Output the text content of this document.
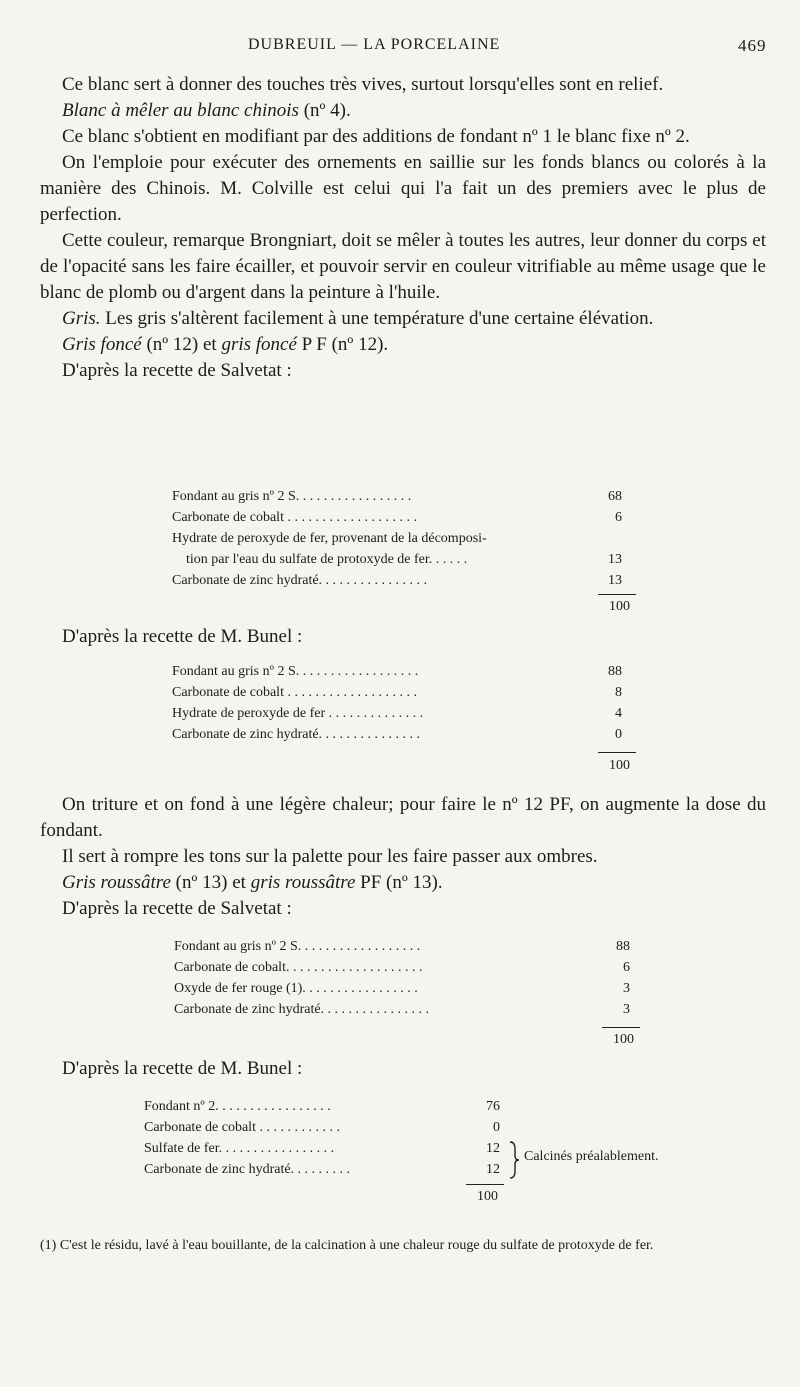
DUBREUIL — LA PORCELAINE	469

Ce blanc sert à donner des touches très vives, surtout lorsqu'elles sont en relief.

Blanc à mêler au blanc chinois (nº 4).

Ce blanc s'obtient en modifiant par des additions de fondant nº 1 le blanc fixe nº 2.

On l'emploie pour exécuter des ornements en saillie sur les fonds blancs ou colorés à la manière des Chinois. M. Colville est celui qui l'a fait un des premiers avec le plus de perfection.

Cette couleur, remarque Brongniart, doit se mêler à toutes les autres, leur donner du corps et de l'opacité sans les faire écailler, et pouvoir servir en couleur vitrifiable au même usage que le blanc de plomb ou d'argent dans la peinture à l'huile.

Gris. Les gris s'altèrent facilement à une température d'une certaine élévation.

Gris foncé (nº 12) et gris foncé P F (nº 12).

D'après la recette de Salvetat :

Fondant au gris nº 2 S. . . . . . . . . . . . . . . . .	68
Carbonate de cobalt . . . . . . . . . . . . . . . . . . .	6
Hydrate de peroxyde de fer, provenant de la décomposi-
tion par l'eau du sulfate de protoxyde de fer. . . . . .	13
Carbonate de zinc hydraté. . . . . . . . . . . . . . . .	13
100

D'après la recette de M. Bunel :

Fondant au gris nº 2 S. . . . . . . . . . . . . . . . . .	88
Carbonate de cobalt . . . . . . . . . . . . . . . . . . .	8
Hydrate de peroxyde de fer . . . . . . . . . . . . . .	4
Carbonate de zinc hydraté. . . . . . . . . . . . . . .	0
100

On triture et on fond à une légère chaleur; pour faire le nº 12 PF, on augmente la dose du fondant.

Il sert à rompre les tons sur la palette pour les faire passer aux ombres.

Gris roussâtre (nº 13) et gris roussâtre PF (nº 13).

D'après la recette de Salvetat :

Fondant au gris nº 2 S. . . . . . . . . . . . . . . . . .	88
Carbonate de cobalt. . . . . . . . . . . . . . . . . . . .	6
Oxyde de fer rouge (1). . . . . . . . . . . . . . . . .	3
Carbonate de zinc hydraté. . . . . . . . . . . . . . . .	3
100

D'après la recette de M. Bunel :

Fondant nº 2. . . . . . . . . . . . . . . . .	76
Carbonate de cobalt . . . . . . . . . . . .	0
Sulfate de fer. . . . . . . . . . . . . . . . .	12
Carbonate de zinc hydraté. . . . . . . . .	12
Calcinés préalablement.
100
(1) C'est le résidu, lavé à l'eau bouillante, de la calcination à une chaleur rouge du sulfate de protoxyde de fer.
